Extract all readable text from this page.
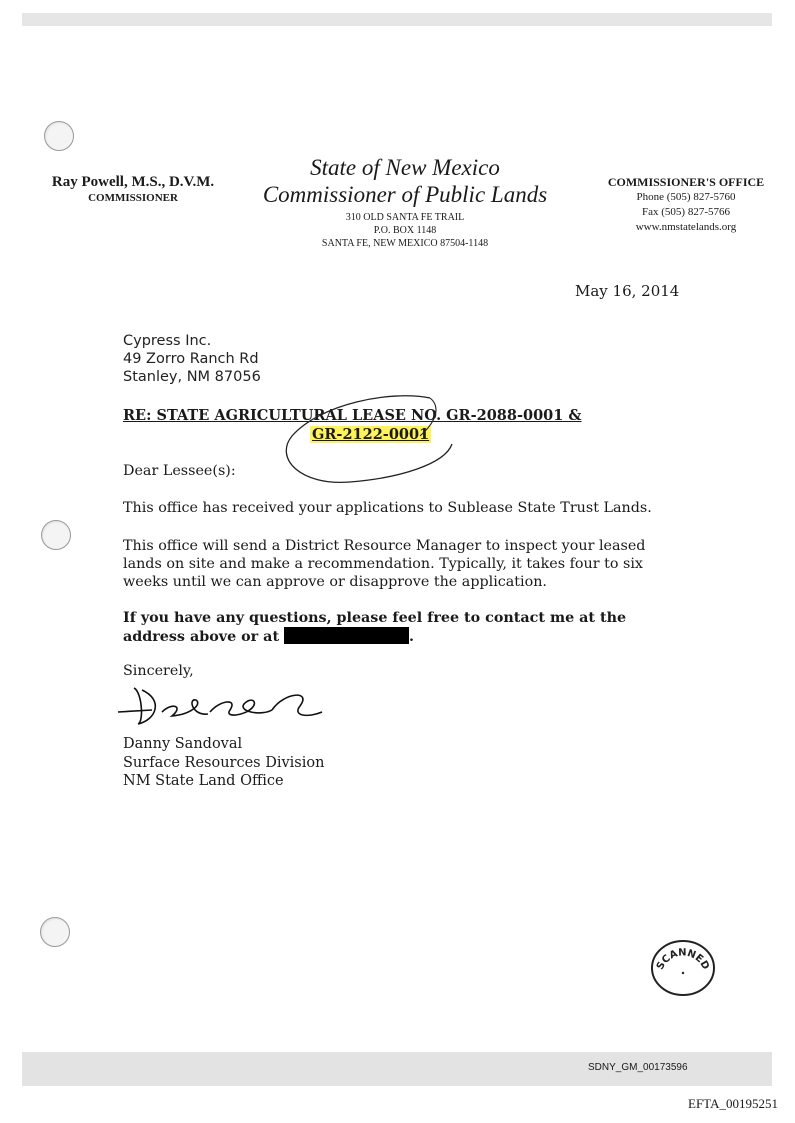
Ray Powell, M.S., D.V.M.
COMMISSIONER
State of New Mexico
Commissioner of Public Lands
310 OLD SANTA FE TRAIL
P.O. BOX 1148
SANTA FE, NEW MEXICO 87504-1148
COMMISSIONER'S OFFICE
Phone (505) 827-5760
Fax (505) 827-5766
www.nmstatelands.org
May 16, 2014
Cypress Inc.
49 Zorro Ranch Rd
Stanley, NM 87056
RE: STATE AGRICULTURAL LEASE NO. GR-2088-0001 &
GR-2122-0001
Dear Lessee(s):
This office has received your applications to Sublease State Trust Lands.
This office will send a District Resource Manager to inspect your leased lands on site and make a recommendation. Typically, it takes four to six weeks until we can approve or disapprove the application.
If you have any questions, please feel free to contact me at the address above or at	.
Sincerely,
Danny Sandoval
Surface Resources Division
NM State Land Office
SCANNED
SDNY_GM_00173596
EFTA_00195251
